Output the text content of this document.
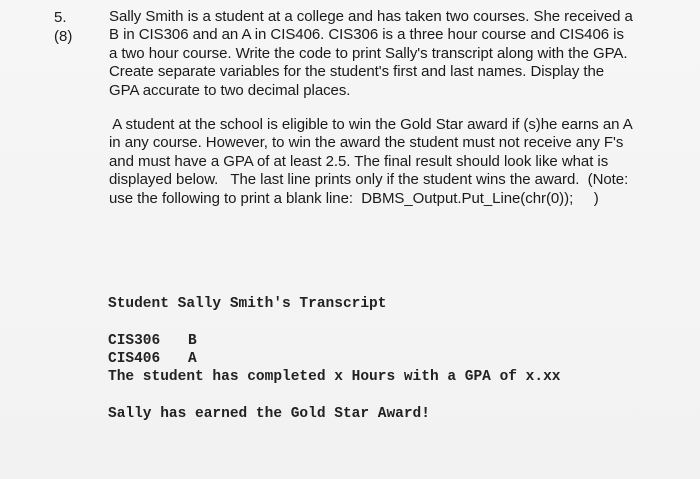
5.
(8)
Sally Smith is a student at a college and has taken two courses. She received a
B in CIS306 and an A in CIS406. CIS306 is a three hour course and CIS406 is
a two hour course. Write the code to print Sally's transcript along with the GPA.
Create separate variables for the student's first and last names. Display the
GPA accurate to two decimal places.
A student at the school is eligible to win the Gold Star award if (s)he earns an A
in any course. However, to win the award the student must not receive any F's
and must have a GPA of at least 2.5. The final result should look like what is
displayed below.   The last line prints only if the student wins the award.  (Note:
use the following to print a blank line:  DBMS_Output.Put_Line(chr(0));     )
Student Sally Smith's Transcript
CIS306 B
CIS406 A
The student has completed x Hours with a GPA of x.xx
Sally has earned the Gold Star Award!
